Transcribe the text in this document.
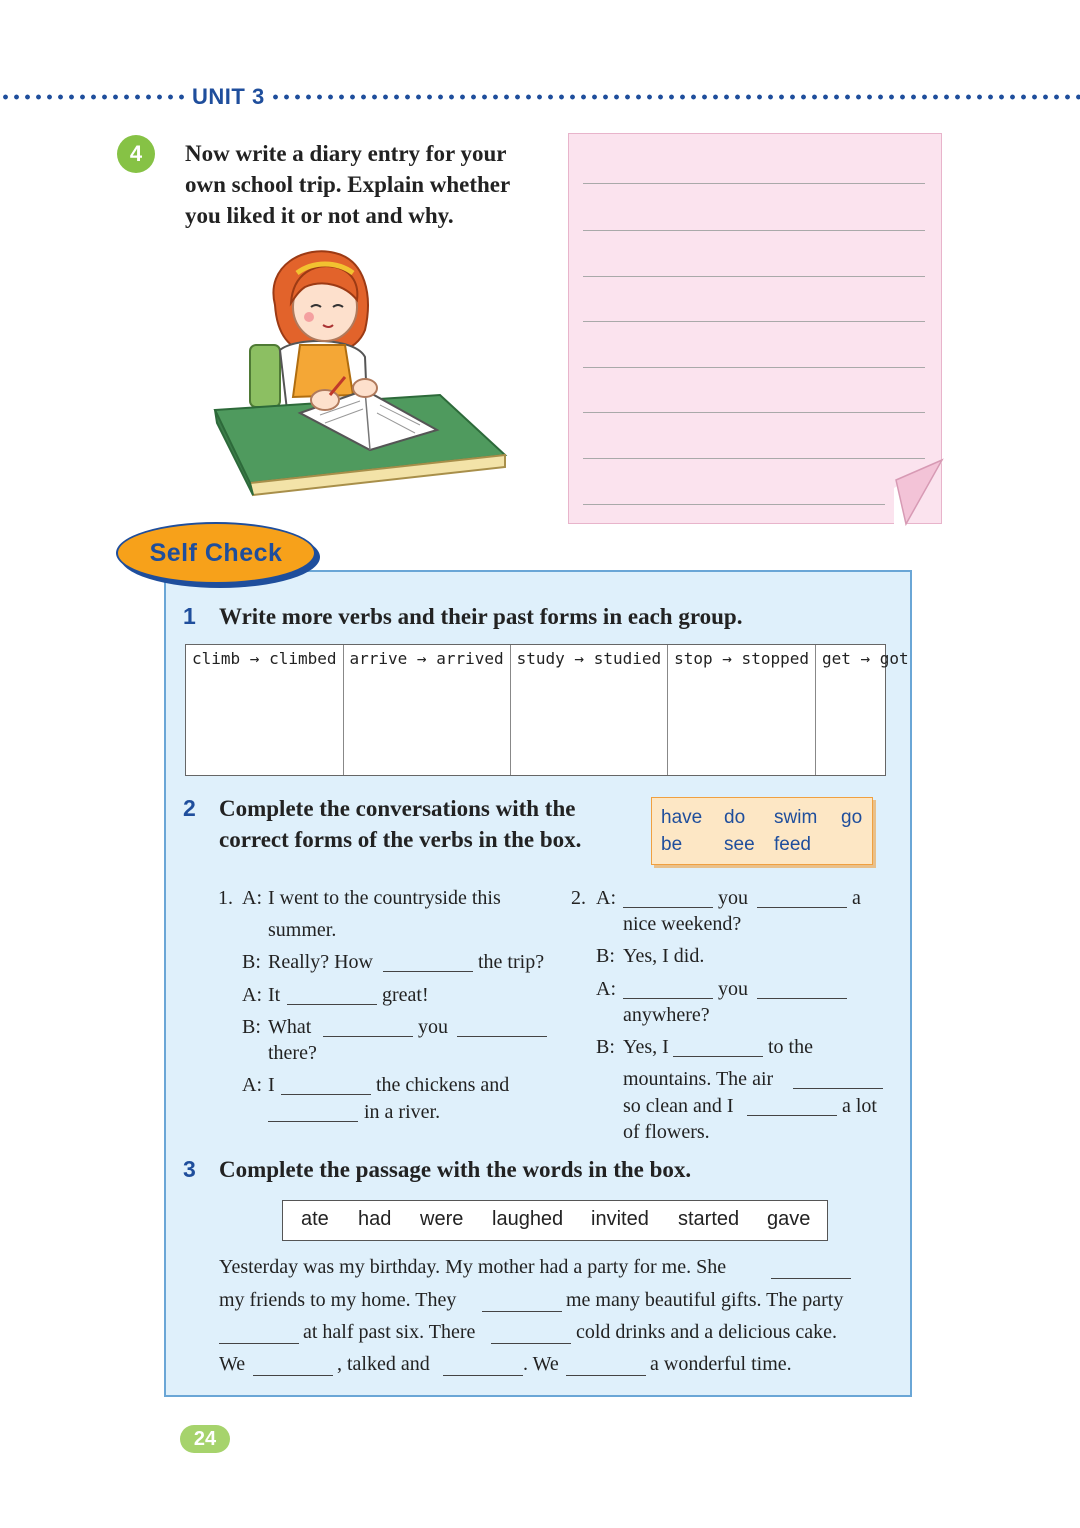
UNIT 3
4	Now write a diary entry for your
own school trip. Explain whether
you liked it or not and why.
Self Check
1 Write more verbs and their past forms in each group.
climb → climbed arrive → arrived study → studied stop → stopped get → got
2 Complete the conversations with the
correct forms of the verbs in the box.
have do swim go
be see feed
1. A: I went to the countryside this
summer.
B: Really? How	the trip?
A: It	great!
B: What	you
there?
A: I	the chickens and
in a river.
2. A:	you	a
nice weekend?
B: Yes, I did.
A:	you
anywhere?
B: Yes, I	to the
mountains. The air
so clean and I	a lot
of flowers.
3 Complete the passage with the words in the box.
ate had were laughed invited started gave
Yesterday was my birthday. My mother had a party for me. She
my friends to my home. They	me many beautiful gifts. The party
at half past six. There	cold drinks and a delicious cake.
We	, talked and	. We	a wonderful time.
24
